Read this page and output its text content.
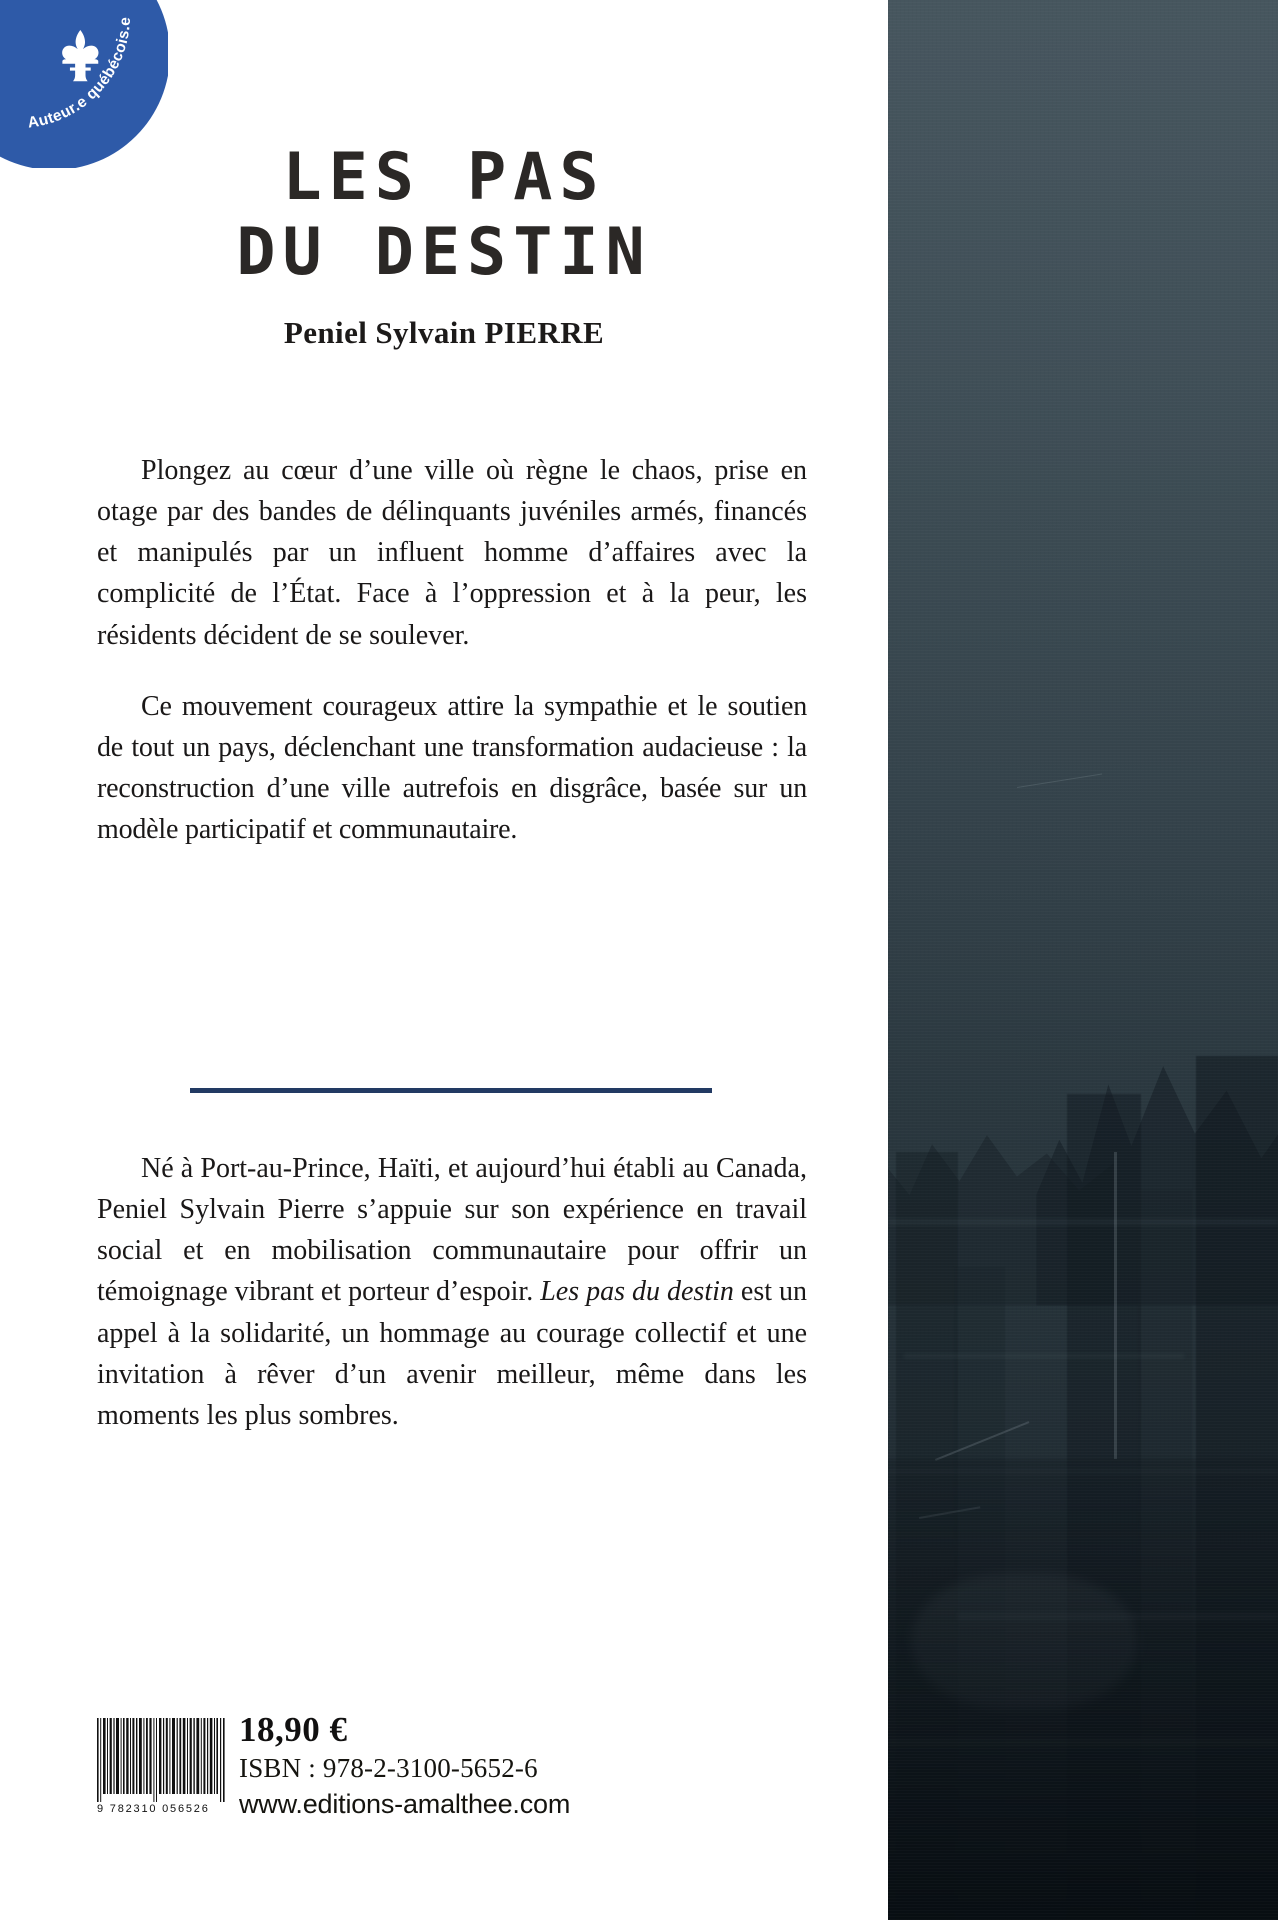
LES PAS
DU DESTIN
Peniel Sylvain PIERRE

Plongez au cœur d’une ville où règne le chaos, prise en otage par des bandes de délinquants juvéniles armés, financés et manipulés par un influent homme d’affaires avec la complicité de l’État. Face à l’oppression et à la peur, les résidents décident de se soulever.

Ce mouvement courageux attire la sympathie et le soutien de tout un pays, déclenchant une transformation audacieuse : la reconstruction d’une ville autrefois en disgrâce, basée sur un modèle participatif et communautaire.

Né à Port-au-Prince, Haïti, et aujourd’hui établi au Canada, Peniel Sylvain Pierre s’appuie sur son expérience en travail social et en mobilisation communautaire pour offrir un témoignage vibrant et porteur d’espoir. Les pas du destin est un appel à la solidarité, un hommage au courage collectif et une invitation à rêver d’un avenir meilleur, même dans les moments les plus sombres.

9 782310 056526
18,90 €
ISBN : 978-2-3100-5652-6
www.editions-amalthee.com
Auteur.e québécois.e
